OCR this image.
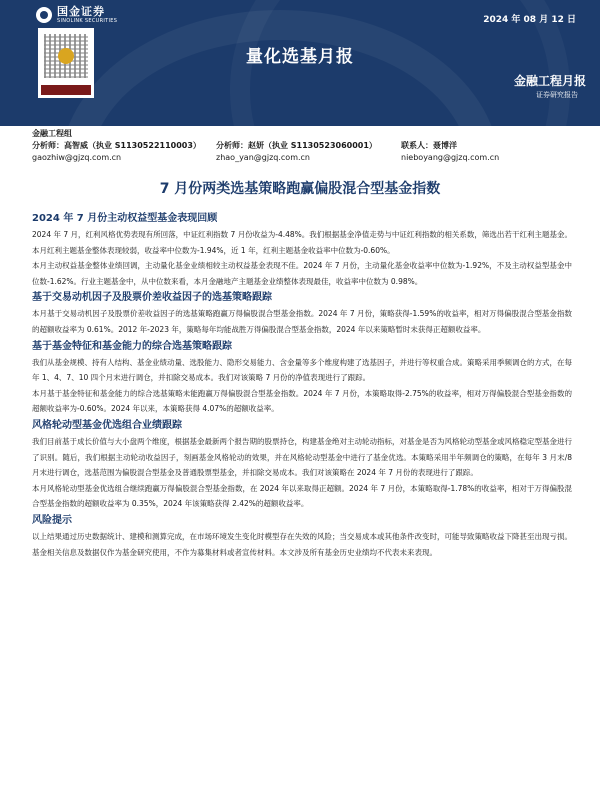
国金证券
SINOLINK SECURITIES	2024 年 08 月 12 日
量化选基月报
金融工程月报
证券研究报告
金融工程组
分析师：高智威（执业 S1130522110003）	分析师：赵妍（执业 S1130523060001）	联系人：聂博洋
gaozhiw@gjzq.com.cn	zhao_yan@gjzq.com.cn	nieboyang@gjzq.com.cn
7 月份两类选基策略跑赢偏股混合型基金指数
2024 年 7 月份主动权益型基金表现回顾

2024 年 7 月，红利风格优势表现有所回落，中证红利指数 7 月份收益为-4.48%。我们根据基金净值走势与中证红利指数的相关系数，筛选出若干红利主题基金。本月红利主题基金整体表现较弱，收益率中位数为-1.94%，近 1 年，红利主题基金收益率中位数为-0.60%。

本月主动权益基金整体业绩回调，主动量化基金业绩相较主动权益基金表现不佳。2024 年 7 月份，主动量化基金收益率中位数为-1.92%，不及主动权益型基金中位数-1.62%。行业主题基金中，从中位数来看，本月金融地产主题基金业绩整体表现最佳，收益率中位数为 0.98%。

基于交易动机因子及股票价差收益因子的选基策略跟踪

本月基于交易动机因子及股票价差收益因子的选基策略跑赢万得偏股混合型基金指数。2024 年 7 月份，策略获得-1.59%的收益率，相对万得偏股混合型基金指数的超额收益率为 0.61%。2012 年-2023 年，策略每年均能战胜万得偏股混合型基金指数，2024 年以来策略暂时未获得正超额收益率。

基于基金特征和基金能力的综合选基策略跟踪

我们从基金规模、持有人结构、基金业绩动量、选股能力、隐形交易能力、含金量等多个维度构建了选基因子，并进行等权重合成。策略采用季频调仓的方式，在每年 1、4、7、10 四个月末进行调仓，并扣除交易成本。我们对该策略 7 月份的净值表现进行了跟踪。

本月基于基金特征和基金能力的综合选基策略未能跑赢万得偏股混合型基金指数。2024 年 7 月份，本策略取得-2.75%的收益率，相对万得偏股混合型基金指数的超额收益率为-0.60%。2024 年以来，本策略获得 4.07%的超额收益率。

风格轮动型基金优选组合业绩跟踪

我们目前基于成长价值与大小盘两个维度，根据基金最新两个报告期的股票持仓，构建基金绝对主动轮动指标，对基金是否为风格轮动型基金或风格稳定型基金进行了识别。随后，我们根据主动轮动收益因子，刻画基金风格轮动的效果，并在风格轮动型基金中进行了基金优选。本策略采用半年频调仓的策略，在每年 3 月末/8 月末进行调仓，选基范围为偏股混合型基金及普通股票型基金，并扣除交易成本。我们对该策略在 2024 年 7 月份的表现进行了跟踪。

本月风格轮动型基金优选组合继续跑赢万得偏股混合型基金指数，在 2024 年以来取得正超额。2024 年 7 月份，本策略取得-1.78%的收益率，相对于万得偏股混合型基金指数的超额收益率为 0.35%，2024 年该策略获得 2.42%的超额收益率。

风险提示

以上结果通过历史数据统计、建模和测算完成，在市场环境发生变化时模型存在失效的风险；当交易成本或其他条件改变时，可能导致策略收益下降甚至出现亏损。基金相关信息及数据仅作为基金研究使用，不作为募集材料或者宣传材料。本文涉及所有基金历史业绩均不代表未来表现。
